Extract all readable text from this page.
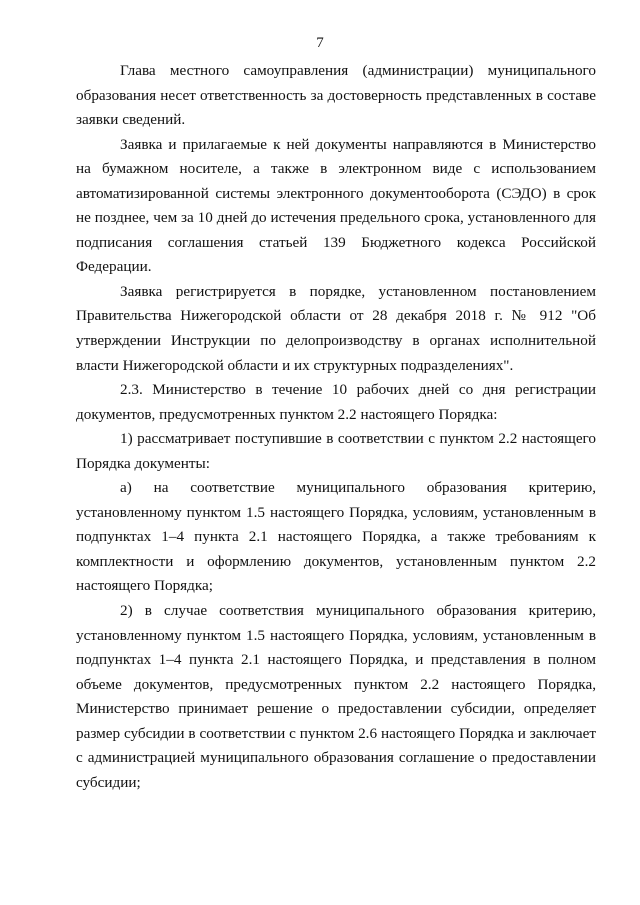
7

Глава местного самоуправления (администрации) муниципального образования несет ответственность за достоверность представленных в составе заявки сведений.

Заявка и прилагаемые к ней документы направляются в Министерство на бумажном носителе, а также в электронном виде с использованием автоматизированной системы электронного документооборота (СЭДО) в срок не позднее, чем за 10 дней до истечения предельного срока, установленного для подписания соглашения статьей 139 Бюджетного кодекса Российской Федерации.

Заявка регистрируется в порядке, установленном постановлением Правительства Нижегородской области от 28 декабря 2018 г. № 912 "Об утверждении Инструкции по делопроизводству в органах исполнительной власти Нижегородской области и их структурных подразделениях".

2.3. Министерство в течение 10 рабочих дней со дня регистрации документов, предусмотренных пунктом 2.2 настоящего Порядка:

1) рассматривает поступившие в соответствии с пунктом 2.2 настоящего Порядка документы:

а) на соответствие муниципального образования критерию, установленному пунктом 1.5 настоящего Порядка, условиям, установленным в подпунктах 1–4 пункта 2.1 настоящего Порядка, а также требованиям к комплектности и оформлению документов, установленным пунктом 2.2 настоящего Порядка;

2) в случае соответствия муниципального образования критерию, установленному пунктом 1.5 настоящего Порядка, условиям, установленным в подпунктах 1–4 пункта 2.1 настоящего Порядка, и представления в полном объеме документов, предусмотренных пунктом 2.2 настоящего Порядка, Министерство принимает решение о предоставлении субсидии, определяет размер субсидии в соответствии с пунктом 2.6 настоящего Порядка и заключает с администрацией муниципального образования соглашение о предоставлении субсидии;
